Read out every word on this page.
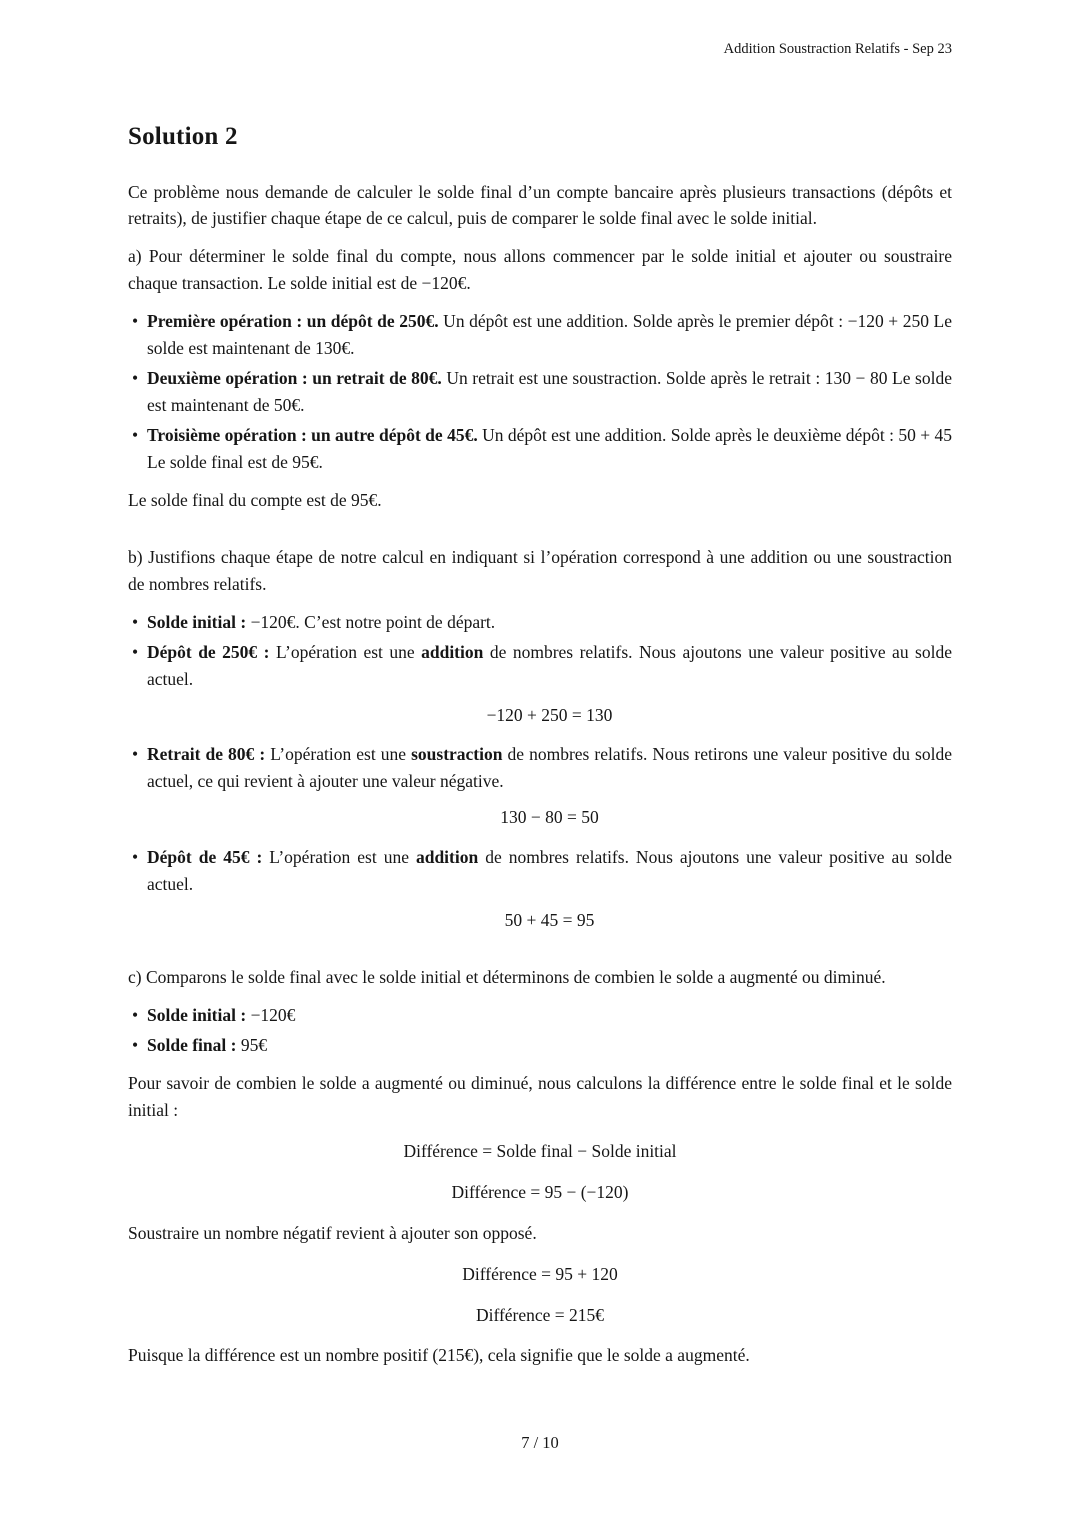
Addition Soustraction Relatifs - Sep 23
Solution 2

Ce problème nous demande de calculer le solde final d’un compte bancaire après plusieurs transactions (dépôts et retraits), de justifier chaque étape de ce calcul, puis de comparer le solde final avec le solde initial.

a) Pour déterminer le solde final du compte, nous allons commencer par le solde initial et ajouter ou soustraire chaque transaction. Le solde initial est de −120€.

• Première opération : un dépôt de 250€. Un dépôt est une addition. Solde après le premier dépôt : −120 + 250 Le solde est maintenant de 130€.
• Deuxième opération : un retrait de 80€. Un retrait est une soustraction. Solde après le retrait : 130 − 80 Le solde est maintenant de 50€.
• Troisième opération : un autre dépôt de 45€. Un dépôt est une addition. Solde après le deuxième dépôt : 50 + 45 Le solde final est de 95€.

Le solde final du compte est de 95€.

b) Justifions chaque étape de notre calcul en indiquant si l’opération correspond à une addition ou une soustraction de nombres relatifs.

• Solde initial : −120€. C’est notre point de départ.
• Dépôt de 250€ : L’opération est une addition de nombres relatifs. Nous ajoutons une valeur positive au solde actuel.
−120 + 250 = 130
• Retrait de 80€ : L’opération est une soustraction de nombres relatifs. Nous retirons une valeur positive du solde actuel, ce qui revient à ajouter une valeur négative.
130 − 80 = 50
• Dépôt de 45€ : L’opération est une addition de nombres relatifs. Nous ajoutons une valeur positive au solde actuel.
50 + 45 = 95

c) Comparons le solde final avec le solde initial et déterminons de combien le solde a augmenté ou diminué.

• Solde initial : −120€
• Solde final : 95€

Pour savoir de combien le solde a augmenté ou diminué, nous calculons la différence entre le solde final et le solde initial :

Différence = Solde final − Solde initial
Différence = 95 − (−120)

Soustraire un nombre négatif revient à ajouter son opposé.

Différence = 95 + 120
Différence = 215€

Puisque la différence est un nombre positif (215€), cela signifie que le solde a augmenté.

7 / 10
